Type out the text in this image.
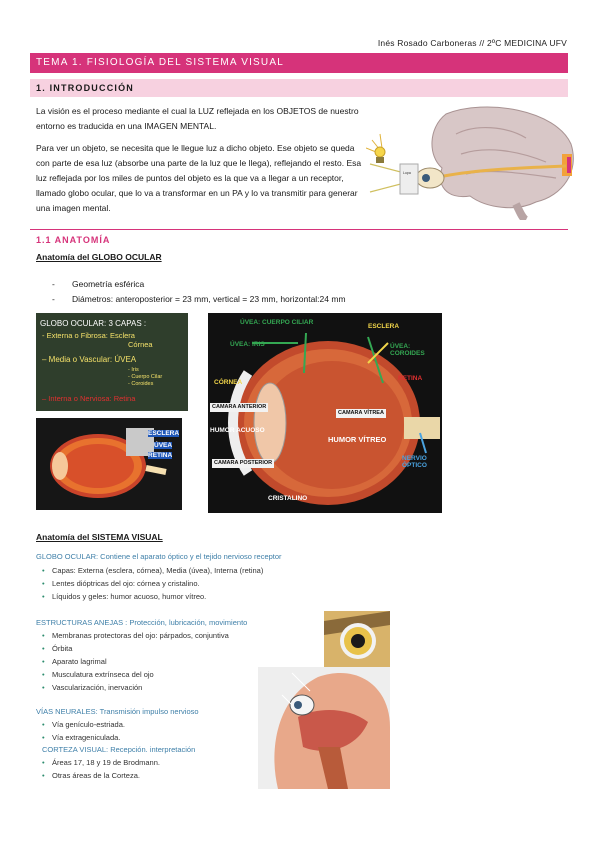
Inés Rosado Carboneras // 2ºC MEDICINA UFV
TEMA 1. FISIOLOGÍA DEL SISTEMA VISUAL
1. INTRODUCCIÓN
La visión es el proceso mediante el cual la LUZ reflejada en los OBJETOS de nuestro entorno es traducida en una IMAGEN MENTAL.
Para ver un objeto, se necesita que le llegue luz a dicho objeto. Ese objeto se queda con parte de esa luz (absorbe una parte de la luz que le llega), reflejando el resto. Esa luz reflejada por los miles de puntos del objeto es la que va a llegar a un receptor, llamado globo ocular, que lo va a transformar en un PA y lo va transmitir para generar una imagen mental.
Lupa
1.1 ANATOMÍA
Anatomía del GLOBO OCULAR
- Geometría esférica
- Diámetros: anteroposterior = 23 mm, vertical = 23 mm, horizontal:24 mm
GLOBO OCULAR: 3 CAPAS :
- Externa o Fibrosa: Esclera
Córnea
– Media o Vascular: ÚVEA
- Iris
- Cuerpo Cilar
- Coroides
– Interna o Nerviosa: Retina
ESCLERA
ÚVEA
RETINA
ÚVEA: CUERPO CILIAR
ÚVEA: IRIS
ESCLERA
ÚVEA: COROIDES
RETINA
CÓRNEA
CAMARA ANTERIOR
HUMOR ACUOSO
CAMARA VÍTREA
HUMOR VÍTREO
CAMARA POSTERIOR
CRISTALINO
NERVIO ÓPTICO
Anatomía del SISTEMA VISUAL
GLOBO OCULAR: Contiene el aparato óptico y el tejido nervioso receptor
• Capas: Externa (esclera, córnea), Media (úvea), Interna (retina)
• Lentes dióptricas del ojo: córnea y cristalino.
• Líquidos y geles: humor acuoso, humor vítreo.
ESTRUCTURAS ANEJAS : Protección, lubricación, movimiento
• Membranas protectoras del ojo: párpados, conjuntiva
• Órbita
• Aparato lagrimal
• Musculatura extrínseca del ojo
• Vascularización, inervación
VÍAS NEURALES: Transmisión impulso nervioso
• Vía genículo-estriada.
• Vía extrageniculada.
CORTEZA VISUAL: Recepción. interpretación
• Áreas 17, 18 y 19 de Brodmann.
• Otras áreas de la Corteza.
